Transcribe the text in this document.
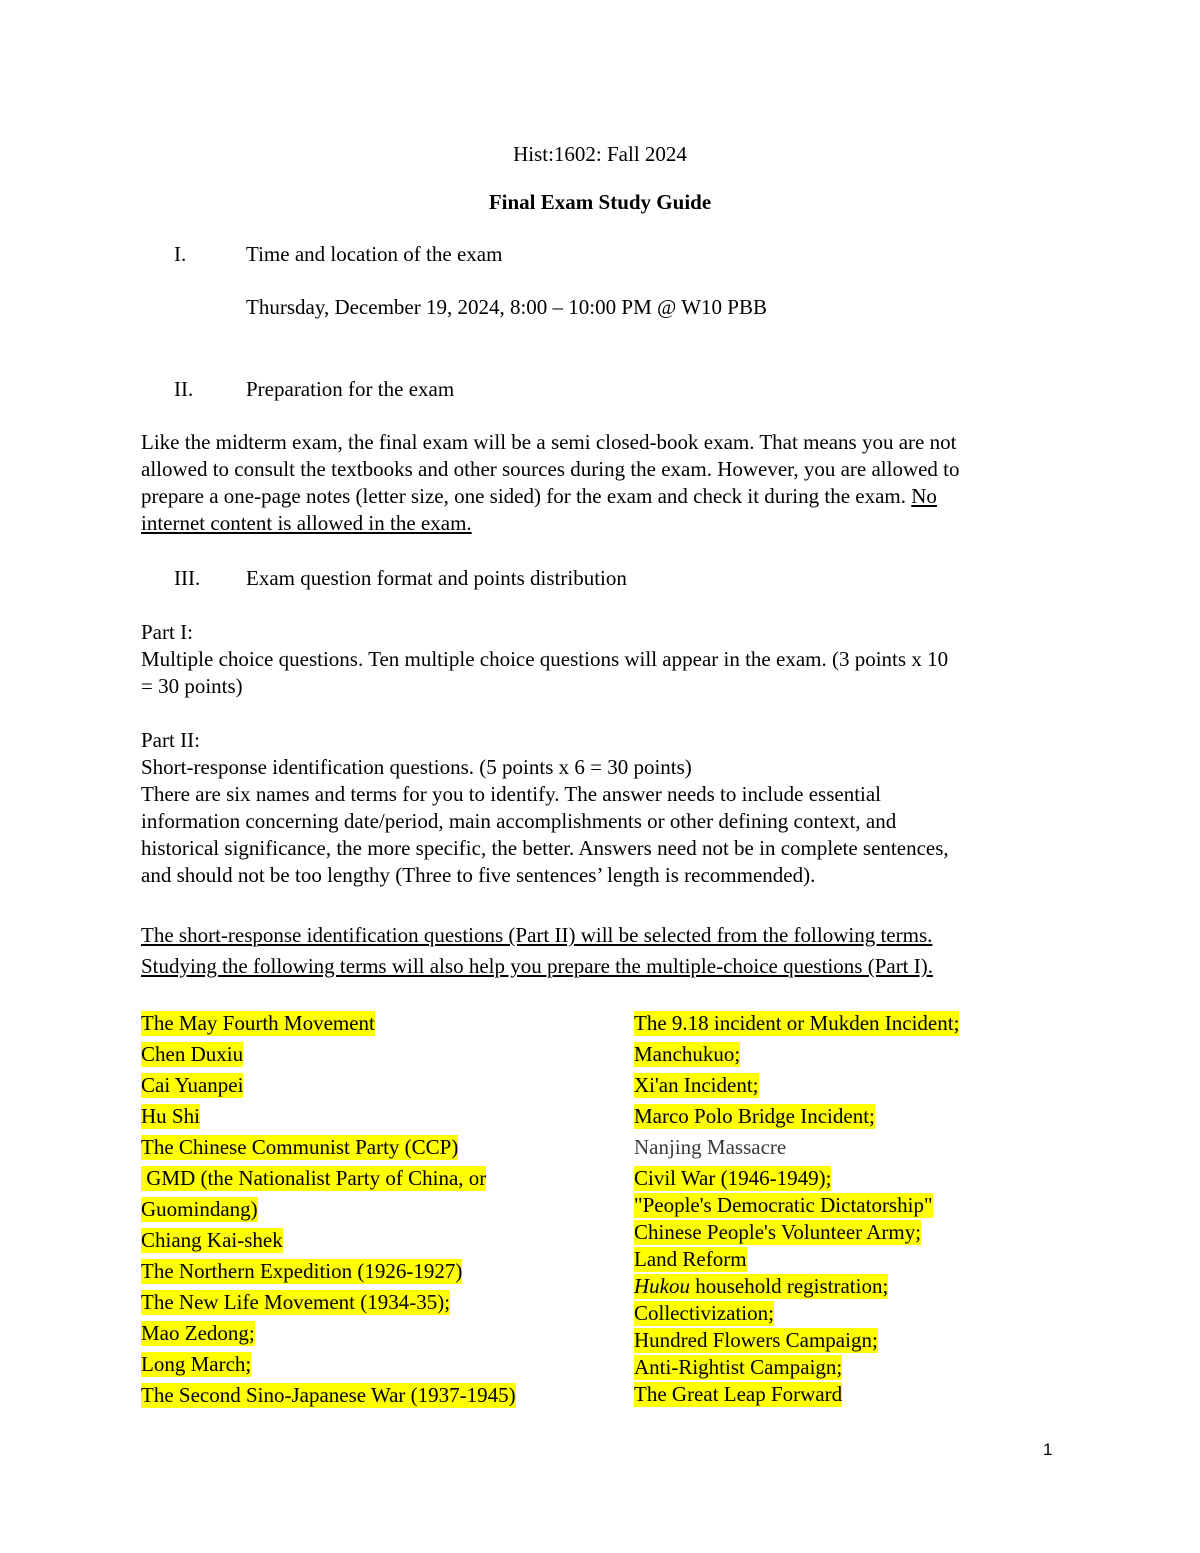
Hist:1602: Fall 2024
Final Exam Study Guide
I.	Time and location of the exam
Thursday, December 19, 2024, 8:00 – 10:00 PM @ W10 PBB
II.	Preparation for the exam

Like the midterm exam, the final exam will be a semi closed-book exam. That means you are not

allowed to consult the textbooks and other sources during the exam. However, you are allowed to

prepare a one-page notes (letter size, one sided) for the exam and check it during the exam. No

internet content is allowed in the exam.

III. Exam question format and points distribution

Part I:

Multiple choice questions. Ten multiple choice questions will appear in the exam. (3 points x 10

= 30 points)

Part II:

Short-response identification questions. (5 points x 6 = 30 points)

There are six names and terms for you to identify. The answer needs to include essential

information concerning date/period, main accomplishments or other defining context, and

historical significance, the more specific, the better. Answers need not be in complete sentences,

and should not be too lengthy (Three to five sentences’ length is recommended).

The short-response identification questions (Part II) will be selected from the following terms.

Studying the following terms will also help you prepare the multiple-choice questions (Part I).

The May Fourth Movement
Chen Duxiu
Cai Yuanpei
Hu Shi
The Chinese Communist Party (CCP)
GMD (the Nationalist Party of China, or
Guomindang)
Chiang Kai-shek
The Northern Expedition (1926-1927)
The New Life Movement (1934-35);
Mao Zedong;
Long March;
The Second Sino-Japanese War (1937-1945)
The 9.18 incident or Mukden Incident;
Manchukuo;
Xi'an Incident;
Marco Polo Bridge Incident;
Nanjing Massacre
Civil War (1946-1949);
"People's Democratic Dictatorship"
Chinese People's Volunteer Army;
Land Reform
Hukou household registration;
Collectivization;
Hundred Flowers Campaign;
Anti-Rightist Campaign;
The Great Leap Forward
1
